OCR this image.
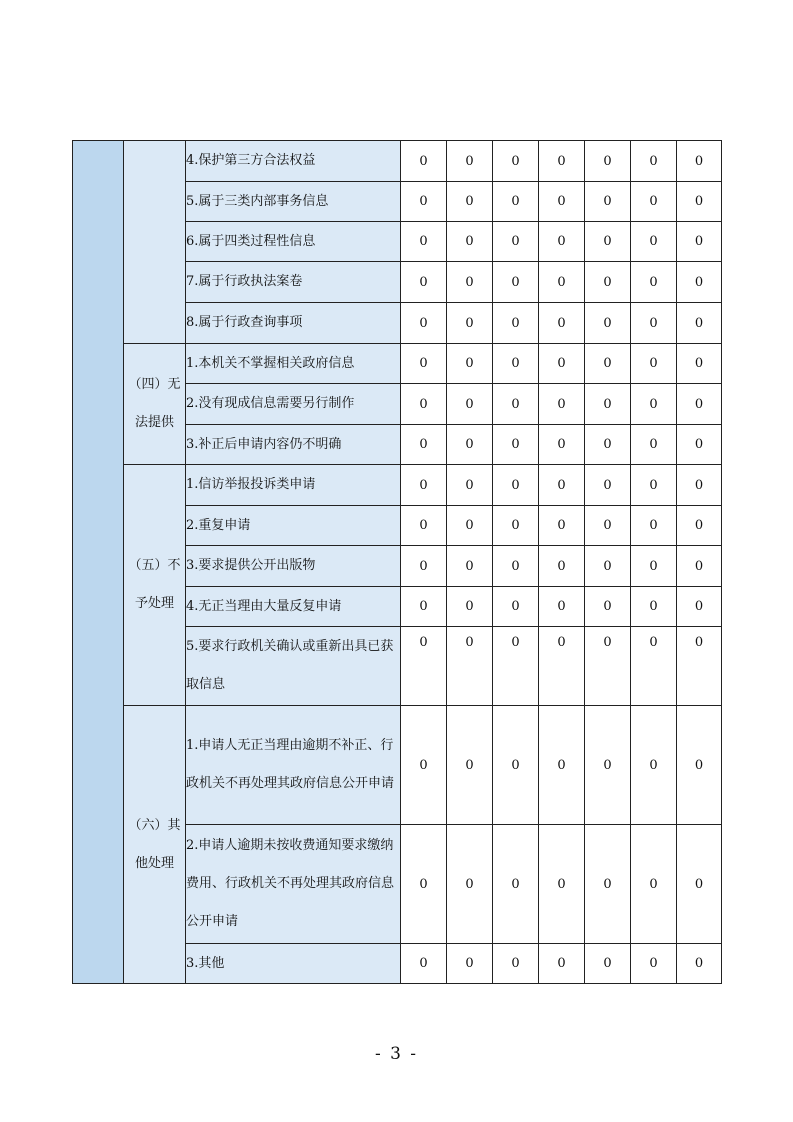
		4.保护第三方合法权益	0	0	0	0	0	0	0
		5.属于三类内部事务信息	0	0	0	0	0	0	0
		6.属于四类过程性信息	0	0	0	0	0	0	0
		7.属于行政执法案卷	0	0	0	0	0	0	0
		8.属于行政查询事项	0	0	0	0	0	0	0
	（四）无法提供	1.本机关不掌握相关政府信息	0	0	0	0	0	0	0
		2.没有现成信息需要另行制作	0	0	0	0	0	0	0
		3.补正后申请内容仍不明确	0	0	0	0	0	0	0
	（五）不予处理	1.信访举报投诉类申请	0	0	0	0	0	0	0
		2.重复申请	0	0	0	0	0	0	0
		3.要求提供公开出版物	0	0	0	0	0	0	0
		4.无正当理由大量反复申请	0	0	0	0	0	0	0
		5.要求行政机关确认或重新出具已获取信息	0	0	0	0	0	0	0
	（六）其他处理	1.申请人无正当理由逾期不补正、行政机关不再处理其政府信息公开申请	0	0	0	0	0	0	0
		2.申请人逾期未按收费通知要求缴纳费用、行政机关不再处理其政府信息公开申请	0	0	0	0	0	0	0
		3.其他	0	0	0	0	0	0	0
- 3 -
